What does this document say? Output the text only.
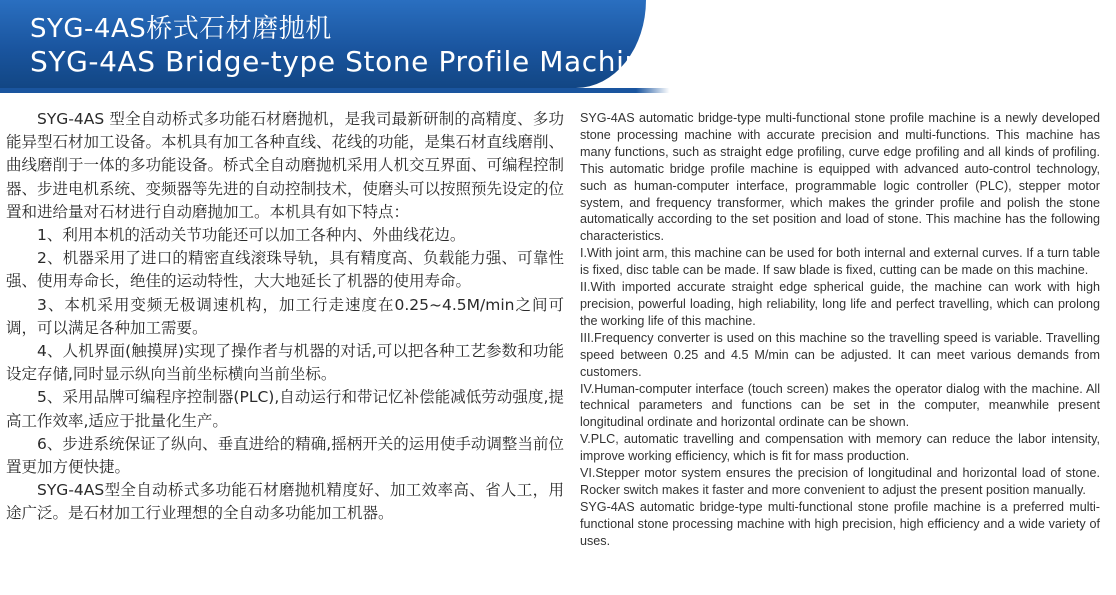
SYG-4AS桥式石材磨抛机
SYG-4AS Bridge-type Stone Profile Machine

SYG-4AS 型全自动桥式多功能石材磨抛机，是我司最新研制的高精度、多功能异型石材加工设备。本机具有加工各种直线、花线的功能，是集石材直线磨削、曲线磨削于一体的多功能设备。桥式全自动磨抛机采用人机交互界面、可编程控制器、步进电机系统、变频器等先进的自动控制技术，使磨头可以按照预先设定的位置和进给量对石材进行自动磨抛加工。本机具有如下特点：

1、利用本机的活动关节功能还可以加工各种内、外曲线花边。

2、机器采用了进口的精密直线滚珠导轨，具有精度高、负载能力强、可靠性强、使用寿命长，绝佳的运动特性，大大地延长了机器的使用寿命。

3、本机采用变频无极调速机构，加工行走速度在0.25~4.5M/min之间可调，可以满足各种加工需要。

4、人机界面(触摸屏)实现了操作者与机器的对话,可以把各种工艺参数和功能设定存储,同时显示纵向当前坐标横向当前坐标。

5、采用品牌可编程序控制器(PLC),自动运行和带记忆补偿能减低劳动强度,提高工作效率,适应于批量化生产。

6、步进系统保证了纵向、垂直进给的精确,摇柄开关的运用使手动调整当前位置更加方便快捷。

SYG-4AS型全自动桥式多功能石材磨抛机精度好、加工效率高、省人工，用途广泛。是石材加工行业理想的全自动多功能加工机器。

SYG-4AS automatic bridge-type multi-functional stone profile machine is a newly developed stone processing machine with accurate precision and multi-functions. This machine has many functions, such as straight edge profiling, curve edge profiling and all kinds of profiling. This automatic bridge profile machine is equipped with advanced auto-control technology, such as human-computer interface, programmable logic controller (PLC), stepper motor system, and frequency transformer, which makes the grinder profile and polish the stone automatically according to the set position and load of stone. This machine has the following characteristics.

I.With joint arm, this machine can be used for both internal and external curves. If a turn table is fixed, disc table can be made. If saw blade is fixed, cutting can be made on this machine.

II.With imported accurate straight edge spherical guide, the machine can work with high precision, powerful loading, high reliability, long life and perfect travelling, which can prolong the working life of this machine.

III.Frequency converter is used on this machine so the travelling speed is variable. Travelling speed between 0.25 and 4.5 M/min can be adjusted. It can meet various demands from customers.

IV.Human-computer interface (touch screen) makes the operator dialog with the machine. All technical parameters and functions can be set in the computer, meanwhile present longitudinal ordinate and horizontal ordinate can be shown.

V.PLC, automatic travelling and compensation with memory can reduce the labor intensity, improve working efficiency, which is fit for mass production.

VI.Stepper motor system ensures the precision of longitudinal and horizontal load of stone. Rocker switch makes it faster and more convenient to adjust the present position manually.

SYG-4AS automatic bridge-type multi-functional stone profile machine is a preferred multi-functional stone processing machine with high precision, high efficiency and a wide variety of uses.
